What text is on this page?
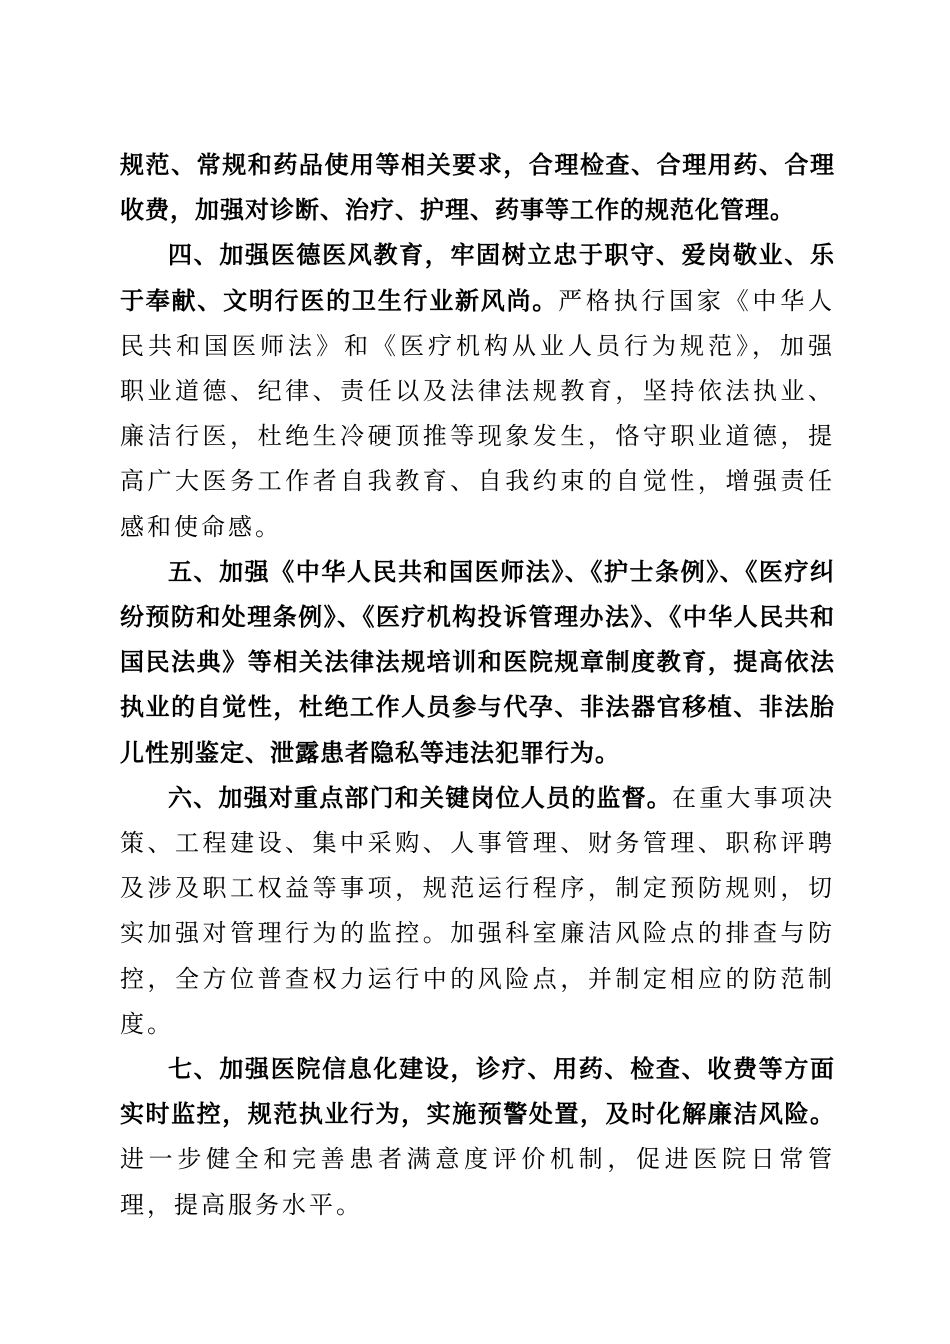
规范、常规和药品使用等相关要求，合理检查、合理用药、合理收费，加强对诊断、治疗、护理、药事等工作的规范化管理。

四、加强医德医风教育，牢固树立忠于职守、爱岗敬业、乐于奉献、文明行医的卫生行业新风尚。严格执行国家《中华人民共和国医师法》和《医疗机构从业人员行为规范》，加强职业道德、纪律、责任以及法律法规教育，坚持依法执业、廉洁行医，杜绝生冷硬顶推等现象发生，恪守职业道德，提高广大医务工作者自我教育、自我约束的自觉性，增强责任感和使命感。

五、加强《中华人民共和国医师法》、《护士条例》、《医疗纠纷预防和处理条例》、《医疗机构投诉管理办法》、《中华人民共和国民法典》等相关法律法规培训和医院规章制度教育，提高依法执业的自觉性，杜绝工作人员参与代孕、非法器官移植、非法胎儿性别鉴定、泄露患者隐私等违法犯罪行为。

六、加强对重点部门和关键岗位人员的监督。在重大事项决策、工程建设、集中采购、人事管理、财务管理、职称评聘及涉及职工权益等事项，规范运行程序，制定预防规则，切实加强对管理行为的监控。加强科室廉洁风险点的排查与防控，全方位普查权力运行中的风险点，并制定相应的防范制度。

七、加强医院信息化建设，诊疗、用药、检查、收费等方面实时监控，规范执业行为，实施预警处置，及时化解廉洁风险。进一步健全和完善患者满意度评价机制，促进医院日常管理，提高服务水平。
